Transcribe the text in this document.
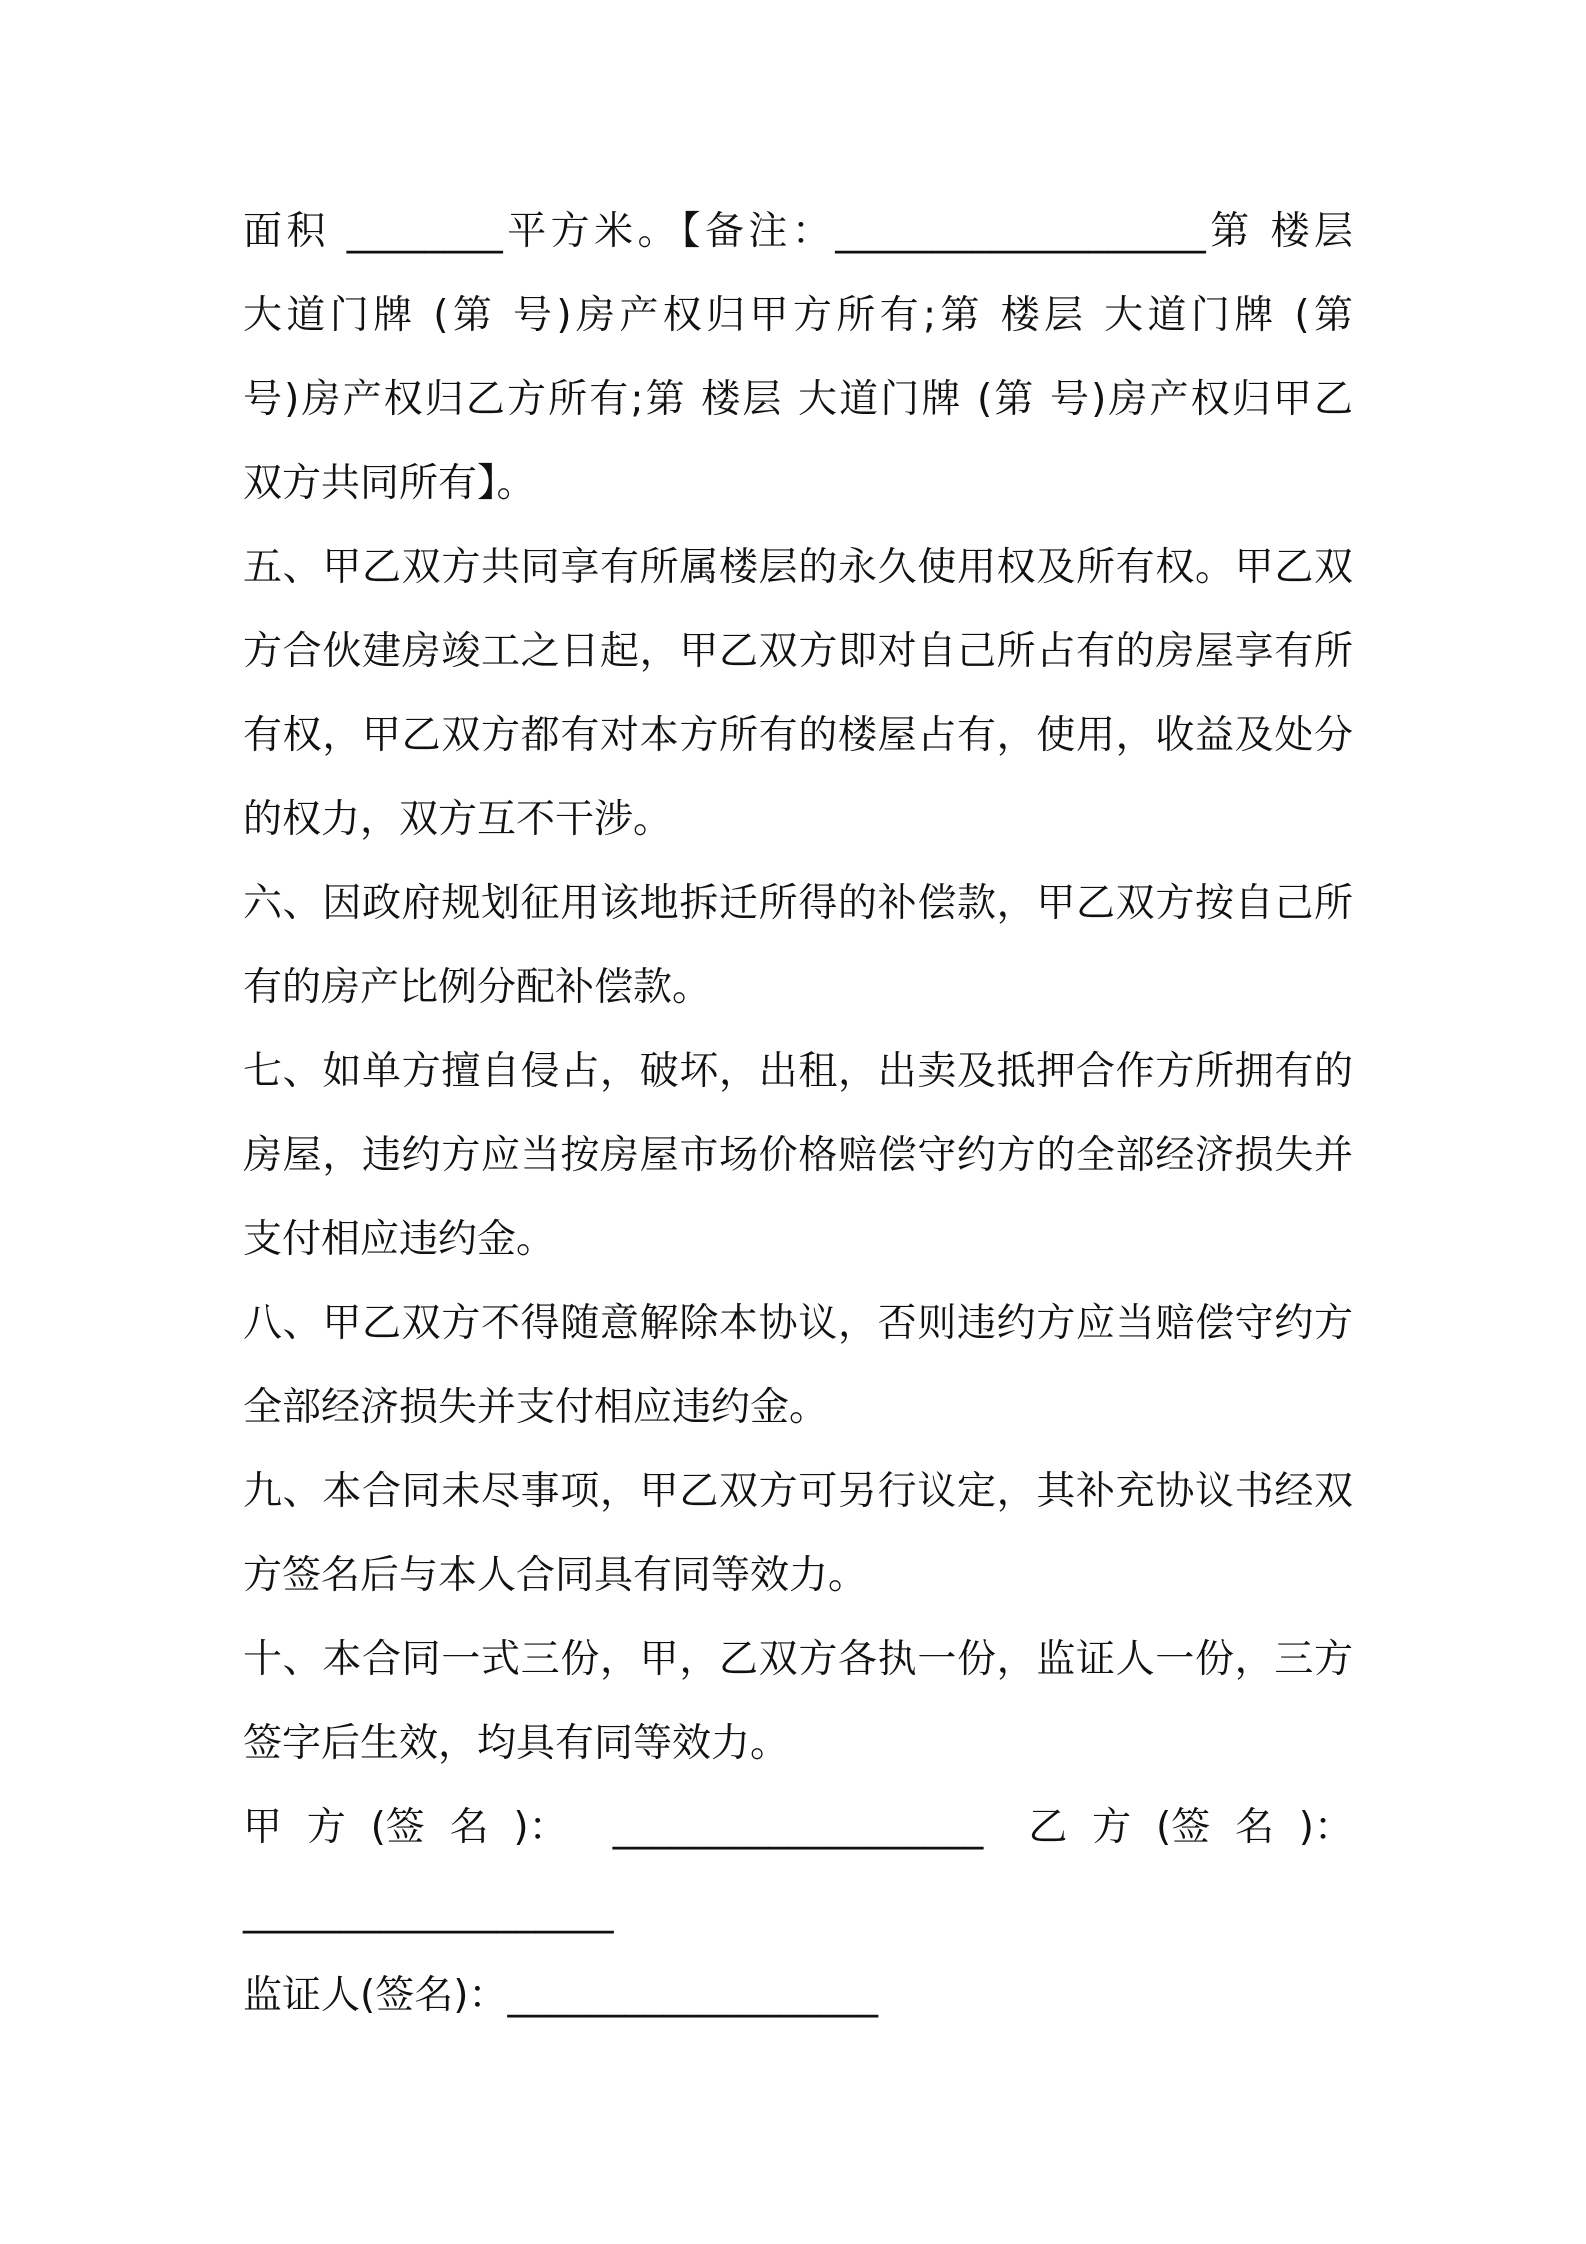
面积 ________平方米。【备注：___________________第 楼层
大道门牌 (第 号)房产权归甲方所有;第 楼层 大道门牌 (第
号)房产权归乙方所有;第 楼层 大道门牌 (第 号)房产权归甲乙
双方共同所有】。
五、甲乙双方共同享有所属楼层的永久使用权及所有权。甲乙双
方合伙建房竣工之日起，甲乙双方即对自己所占有的房屋享有所
有权，甲乙双方都有对本方所有的楼屋占有，使用，收益及处分
的权力，双方互不干涉。
六、因政府规划征用该地拆迁所得的补偿款，甲乙双方按自己所
有的房产比例分配补偿款。
七、如单方擅自侵占，破坏，出租，出卖及抵押合作方所拥有的
房屋，违约方应当按房屋市场价格赔偿守约方的全部经济损失并
支付相应违约金。
八、甲乙双方不得随意解除本协议，否则违约方应当赔偿守约方
全部经济损失并支付相应违约金。
九、本合同未尽事项，甲乙双方可另行议定，其补充协议书经双
方签名后与本人合同具有同等效力。
十、本合同一式三份，甲，乙双方各执一份，监证人一份，三方
签字后生效，均具有同等效力。
甲  方  (签  名  )： ___________________ 乙  方  (签  名  )：
___________________
监证人(签名)：___________________
